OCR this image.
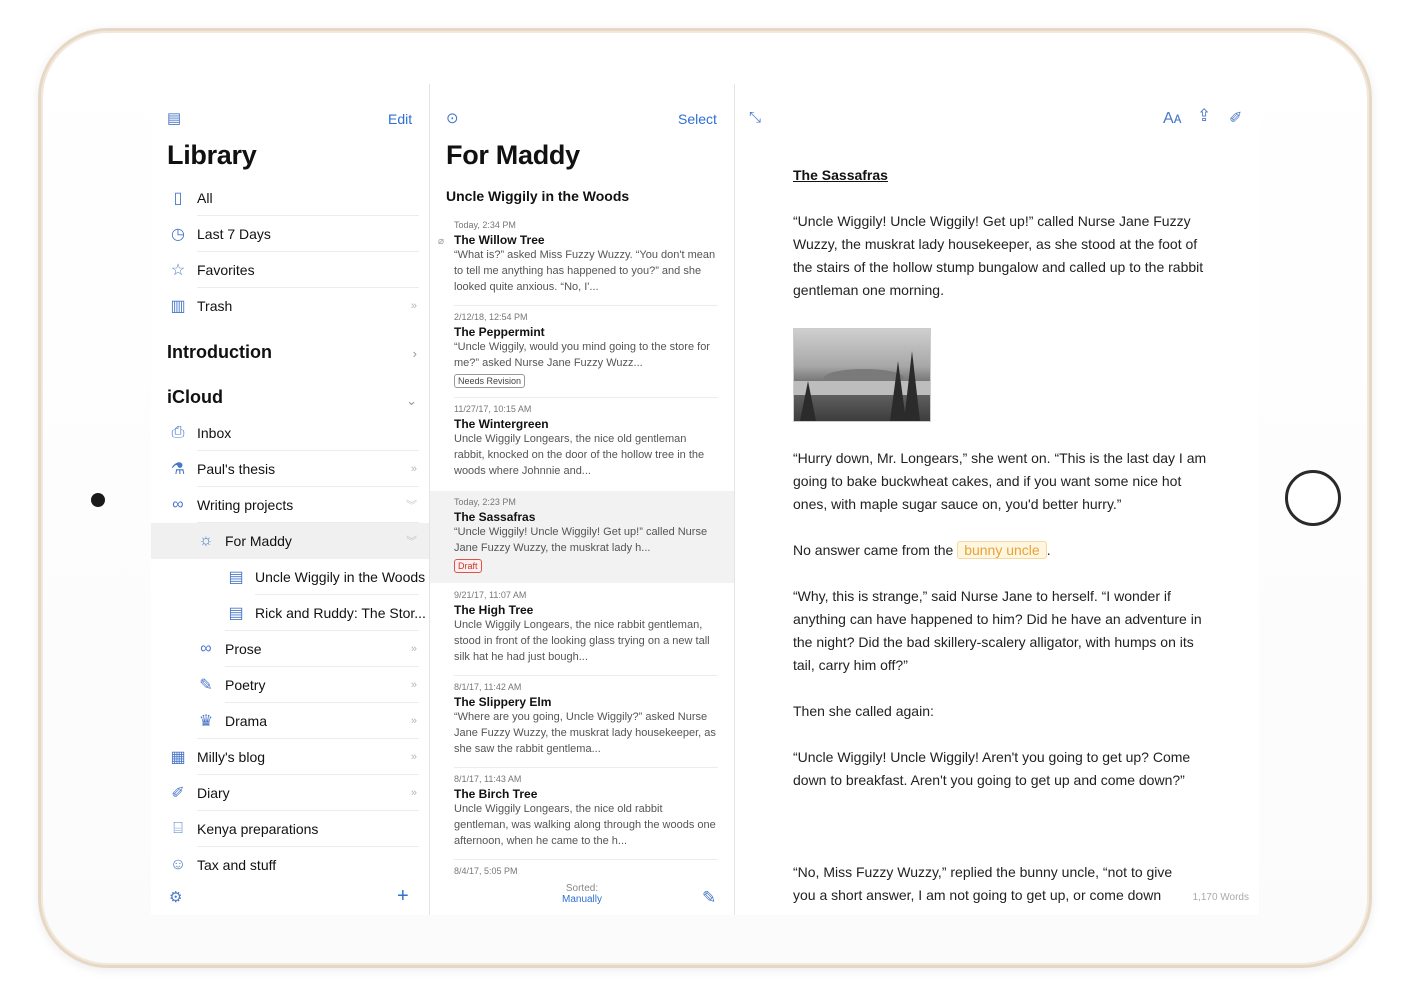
▤	Edit
Library
▯	All
◷ Last 7 Days
☆ Favorites
▥ Trash	»
Introduction	›
iCloud	⌄
⎙ Inbox
⚗ Paul's thesis	»
∞ Writing projects	︾
☼ For Maddy	︾
▤ Uncle Wiggily in the Woods
▤ Rick and Ruddy: The Stor...
∞ Prose	»
✎ Poetry	»
♛ Drama	»
▦ Milly's blog	»
✐ Diary	»
⌸	Kenya preparations
☺ Tax and stuff
⚙	+
⊙	Select
For Maddy
Uncle Wiggily in the Woods
Today, 2:34 PM
The Willow Tree
“What is?” asked Miss Fuzzy Wuzzy. “You don't mean to tell me anything has happened to you?” and she looked quite anxious. “No, I'...
⌀
2/12/18, 12:54 PM
The Peppermint
“Uncle Wiggily, would you mind going to the store for me?” asked Nurse Jane Fuzzy Wuzz...
Needs Revision
11/27/17, 10:15 AM
The Wintergreen
Uncle Wiggily Longears, the nice old gentleman rabbit, knocked on the door of the hollow tree in the woods where Johnnie and...
Today, 2:23 PM
The Sassafras
“Uncle Wiggily! Uncle Wiggily! Get up!” called Nurse Jane Fuzzy Wuzzy, the muskrat lady h...
Draft
9/21/17, 11:07 AM
The High Tree
Uncle Wiggily Longears, the nice rabbit gentleman, stood in front of the looking glass trying on a new tall silk hat he had just bough...
8/1/17, 11:42 AM
The Slippery Elm
“Where are you going, Uncle Wiggily?” asked Nurse Jane Fuzzy Wuzzy, the muskrat lady housekeeper, as she saw the rabbit gentlema...
8/1/17, 11:43 AM
The Birch Tree
Uncle Wiggily Longears, the nice old rabbit gentleman, was walking along through the woods one afternoon, when he came to the h...
8/4/17, 5:05 PM
Sorted:
Manually	✎
⤡	Aᴀ ⇪ ✐
The Sassafras
“Uncle Wiggily! Uncle Wiggily! Get up!” called Nurse Jane Fuzzy Wuzzy, the muskrat lady housekeeper, as she stood at the foot of the stairs of the hollow stump bungalow and called up to the rabbit gentleman one morning.
“Hurry down, Mr. Longears,” she went on. “This is the last day I am going to bake buckwheat cakes, and if you want some nice hot ones, with maple sugar sauce on, you'd better hurry.”
No answer came from the bunny uncle .
“Why, this is strange,” said Nurse Jane to herself. “I wonder if anything can have happened to him? Did he have an adventure in the night? Did the bad skillery-scalery alligator, with humps on its tail, carry him off?”
Then she called again:
“Uncle Wiggily! Uncle Wiggily! Aren't you going to get up? Come down to breakfast. Aren't you going to get up and come down?”
“No, Miss Fuzzy Wuzzy,” replied the bunny uncle, “not to give you a short answer, I am not going to get up, or come down	1,170 Words
